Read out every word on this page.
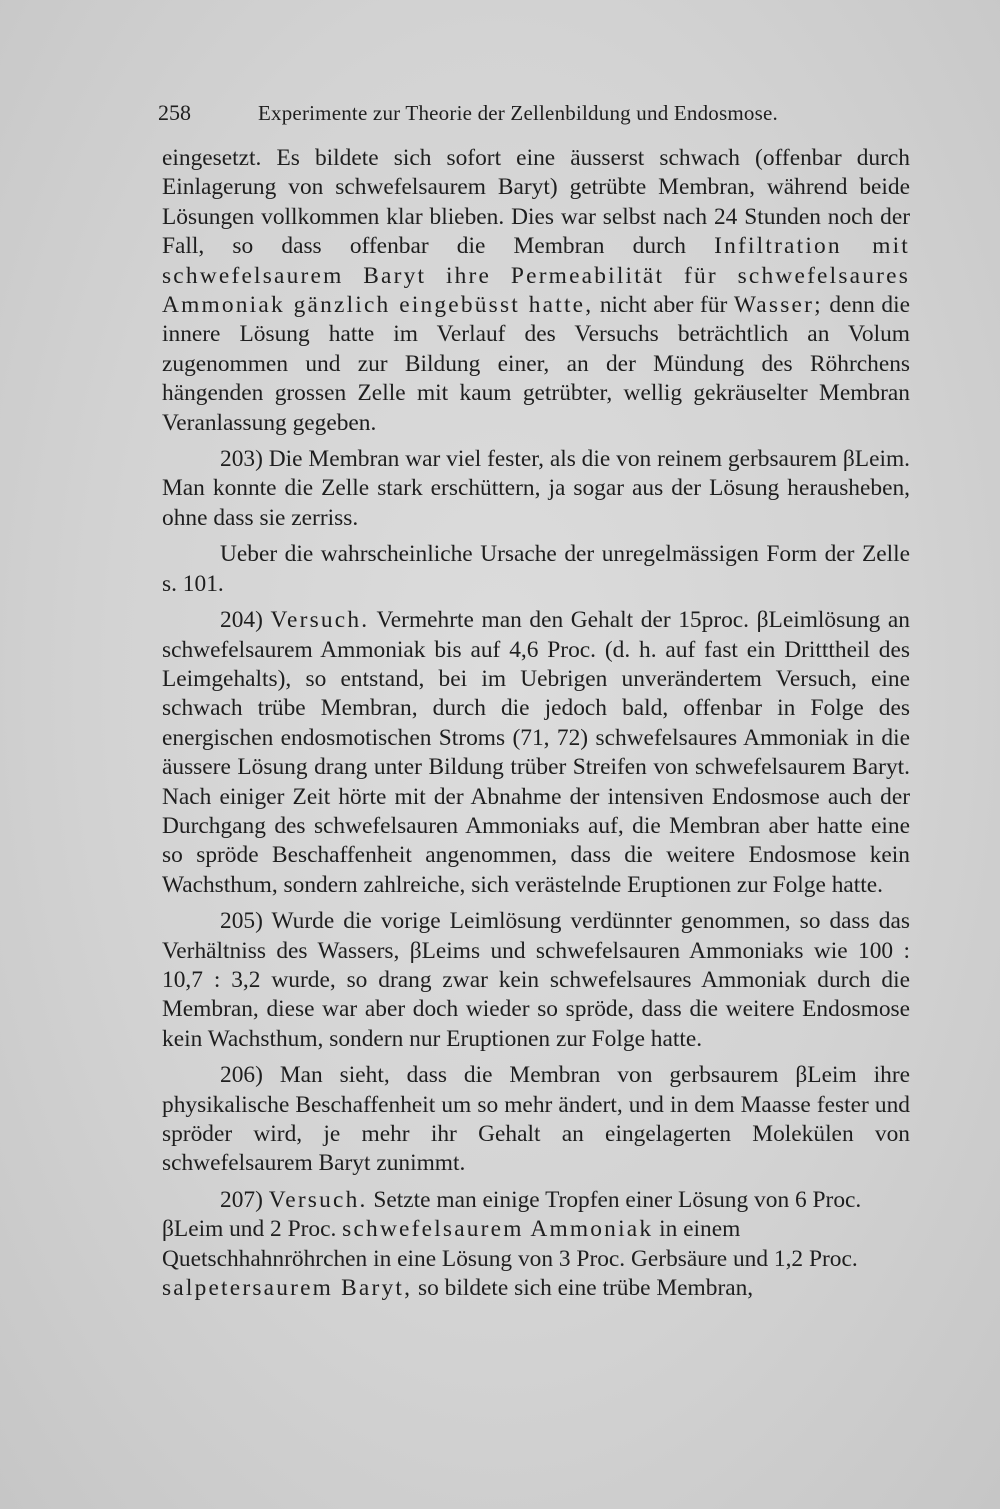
258	Experimente zur Theorie der Zellenbildung und Endosmose.

eingesetzt. Es bildete sich sofort eine äusserst schwach (offenbar durch Einlagerung von schwefelsaurem Baryt) getrübte Membran, während beide Lösungen vollkommen klar blieben. Dies war selbst nach 24 Stunden noch der Fall, so dass offenbar die Membran durch Infiltration mit schwefelsaurem Baryt ihre Permeabilität für schwefelsaures Ammoniak gänzlich eingebüsst hatte, nicht aber für Wasser; denn die innere Lösung hatte im Verlauf des Versuchs beträchtlich an Volum zugenommen und zur Bildung einer, an der Mündung des Röhrchens hängenden grossen Zelle mit kaum getrübter, wellig gekräuselter Membran Veranlassung gegeben.

203) Die Membran war viel fester, als die von reinem gerbsaurem βLeim. Man konnte die Zelle stark erschüttern, ja sogar aus der Lösung herausheben, ohne dass sie zerriss.

Ueber die wahrscheinliche Ursache der unregelmässigen Form der Zelle s. 101.

204) Versuch. Vermehrte man den Gehalt der 15proc. βLeimlösung an schwefelsaurem Ammoniak bis auf 4,6 Proc. (d. h. auf fast ein Dritttheil des Leimgehalts), so entstand, bei im Uebrigen unverändertem Versuch, eine schwach trübe Membran, durch die jedoch bald, offenbar in Folge des energischen endosmotischen Stroms (71, 72) schwefelsaures Ammoniak in die äussere Lösung drang unter Bildung trüber Streifen von schwefelsaurem Baryt. Nach einiger Zeit hörte mit der Abnahme der intensiven Endosmose auch der Durchgang des schwefelsauren Ammoniaks auf, die Membran aber hatte eine so spröde Beschaffenheit angenommen, dass die weitere Endosmose kein Wachsthum, sondern zahlreiche, sich verästelnde Eruptionen zur Folge hatte.

205) Wurde die vorige Leimlösung verdünnter genommen, so dass das Verhältniss des Wassers, βLeims und schwefelsauren Ammoniaks wie 100 : 10,7 : 3,2 wurde, so drang zwar kein schwefelsaures Ammoniak durch die Membran, diese war aber doch wieder so spröde, dass die weitere Endosmose kein Wachsthum, sondern nur Eruptionen zur Folge hatte.

206) Man sieht, dass die Membran von gerbsaurem βLeim ihre physikalische Beschaffenheit um so mehr ändert, und in dem Maasse fester und spröder wird, je mehr ihr Gehalt an eingelagerten Molekülen von schwefelsaurem Baryt zunimmt.

207) Versuch. Setzte man einige Tropfen einer Lösung von 6 Proc. βLeim und 2 Proc. schwefelsaurem Ammoniak in einem Quetschhahnröhrchen in eine Lösung von 3 Proc. Gerbsäure und 1,2 Proc. salpetersaurem Baryt, so bildete sich eine trübe Membran,
